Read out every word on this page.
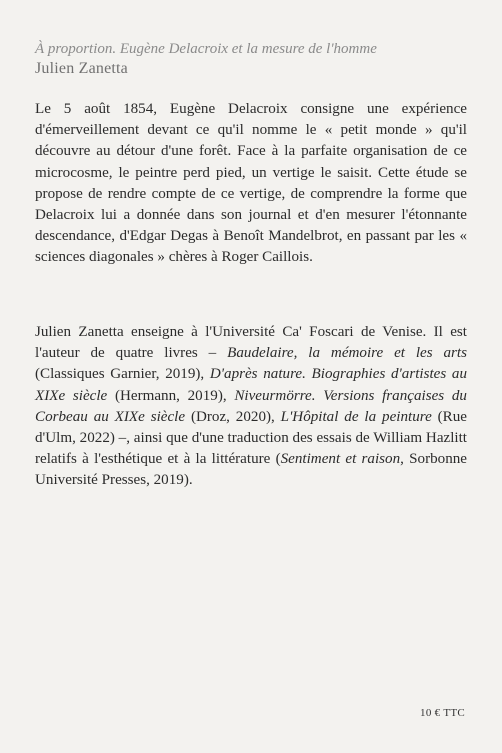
À proportion. Eugène Delacroix et la mesure de l'homme
Julien Zanetta

Le 5 août 1854, Eugène Delacroix consigne une expérience d'émerveillement devant ce qu'il nomme le « petit monde » qu'il découvre au détour d'une forêt. Face à la parfaite organisation de ce microcosme, le peintre perd pied, un vertige le saisit. Cette étude se propose de rendre compte de ce vertige, de comprendre la forme que Delacroix lui a donnée dans son journal et d'en mesurer l'étonnante descendance, d'Edgar Degas à Benoît Mandelbrot, en passant par les « sciences diagonales » chères à Roger Caillois.

Julien Zanetta enseigne à l'Université Ca' Foscari de Venise. Il est l'auteur de quatre livres – Baudelaire, la mémoire et les arts (Classiques Garnier, 2019), D'après nature. Biographies d'artistes au XIXe siècle (Hermann, 2019), Niveurmörre. Versions françaises du Corbeau au XIXe siècle (Droz, 2020), L'Hôpital de la peinture (Rue d'Ulm, 2022) –, ainsi que d'une traduction des essais de William Hazlitt relatifs à l'esthétique et à la littérature (Sentiment et raison, Sorbonne Université Presses, 2019).

10 € TTC
